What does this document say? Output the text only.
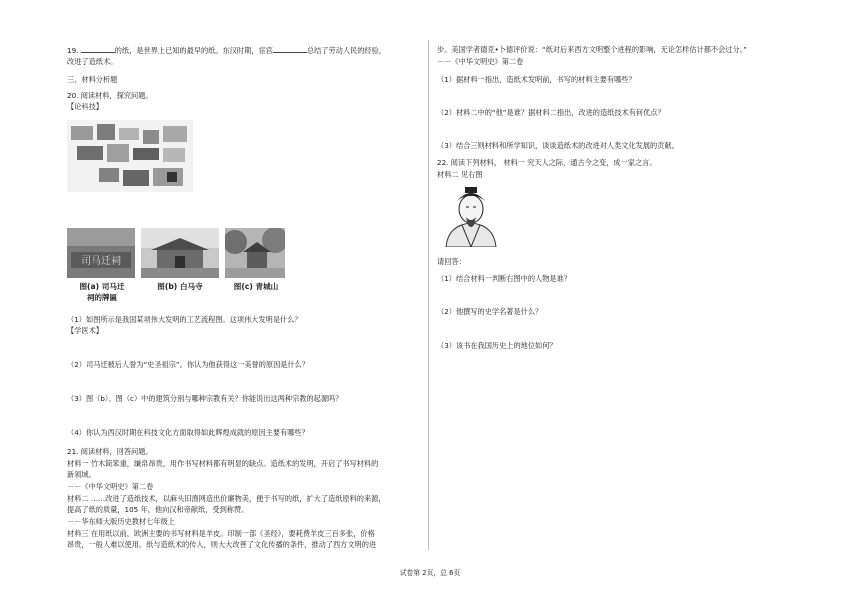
19.	的纸，是世界上已知的最早的纸。东汉时期，宦官	总结了劳动人民的经验，
改进了造纸术。
三、材料分析题
20. 阅读材料，探究问题。
【论科技】
司马迁祠
图(a) 司马迁
祠的牌匾
图(b) 白马寺	图(c) 青城山
（1）如图所示是我国某项伟大发明的工艺流程图。这项伟大发明是什么？
【学医术】
（2）司马迁被后人誉为“史圣祖宗”。你认为他获得这一美誉的原因是什么？
（3）图（b）、图（c）中的建筑分别与哪种宗教有关？你能说出这两种宗教的起源吗？
（4）你认为西汉时期在科技文化方面取得如此辉煌成就的原因主要有哪些？
21. 阅读材料，回答问题。
材料一 竹木简笨重，缣帛昂贵，用作书写材料都有明显的缺点。造纸术的发明，开启了书写材料的
新领域。
－－《中华文明史》第二卷
材料二 ……改进了造纸技术，以麻头旧渔网造出价廉物美，便于书写的纸，扩大了造纸原料的来源，
提高了纸的质量，105 年，他向汉和帝献纸，受到称赞。
－－华东师大版历史教材七年级上
材料三 在用纸以前，欧洲主要的书写材料是羊皮。印制一部《圣经》，要耗费羊皮三百多张，价格
昂贵，一般人难以使用。纸与造纸术的传入，则大大改善了文化传播的条件，推动了西方文明的进
步。美国学者德克•卜德评价说：“纸对后来西方文明整个进程的影响，无论怎样估计都不会过分。”
－－《中华文明史》第二卷
（1）据材料一指出，造纸术发明前，书写的材料主要有哪些？
（2）材料二中的“他”是谁？据材料二指出，改进的造纸技术有何优点？
（3）结合三则材料和所学知识，谈谈造纸术的改进对人类文化发展的贡献。
22. 阅读下列材料， 材料一 究天人之际，通古今之变，成一家之言。
材料二 见右图
请回答：
（1）结合材料一判断右图中的人物是谁？
（2）他撰写的史学名著是什么？
（3）该书在我国历史上的地位如何？
试卷第 2页，总 6页
